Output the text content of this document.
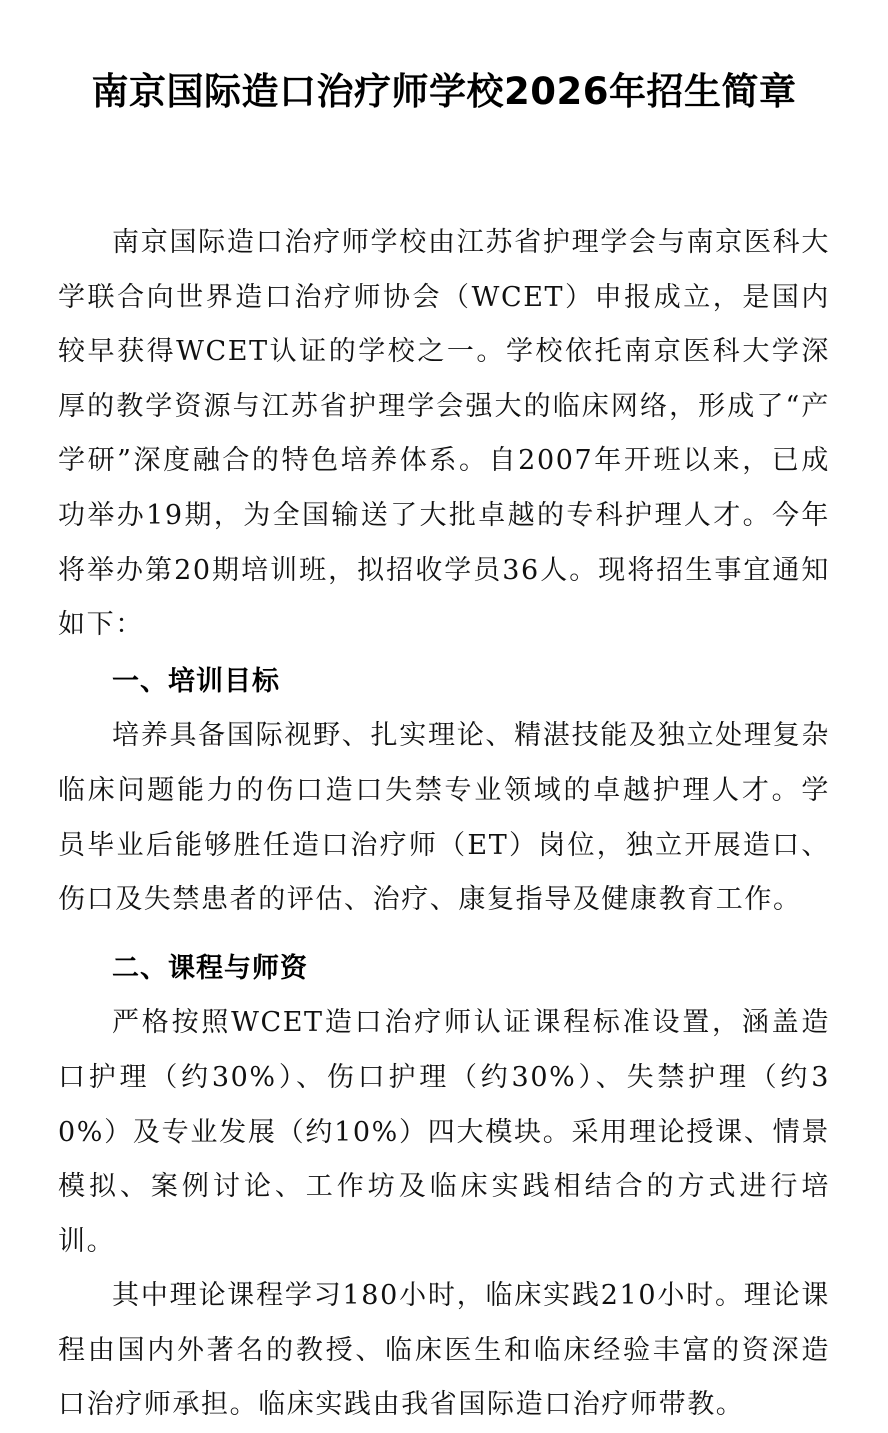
南京国际造口治疗师学校2026年招生简章

南京国际造口治疗师学校由江苏省护理学会与南京医科大学联合向世界造口治疗师协会（WCET）申报成立，是国内较早获得WCET认证的学校之一。学校依托南京医科大学深厚的教学资源与江苏省护理学会强大的临床网络，形成了“产学研”深度融合的特色培养体系。自2007年开班以来，已成功举办19期，为全国输送了大批卓越的专科护理人才。今年将举办第20期培训班，拟招收学员36人。现将招生事宜通知如下：

一、培训目标

培养具备国际视野、扎实理论、精湛技能及独立处理复杂临床问题能力的伤口造口失禁专业领域的卓越护理人才。学员毕业后能够胜任造口治疗师（ET）岗位，独立开展造口、伤口及失禁患者的评估、治疗、康复指导及健康教育工作。

二、课程与师资

严格按照WCET造口治疗师认证课程标准设置，涵盖造口护理（约30%）、伤口护理（约30%）、失禁护理（约30%）及专业发展（约10%）四大模块。采用理论授课、情景模拟、案例讨论、工作坊及临床实践相结合的方式进行培训。

其中理论课程学习180小时，临床实践210小时。理论课程由国内外著名的教授、临床医生和临床经验丰富的资深造口治疗师承担。临床实践由我省国际造口治疗师带教。
